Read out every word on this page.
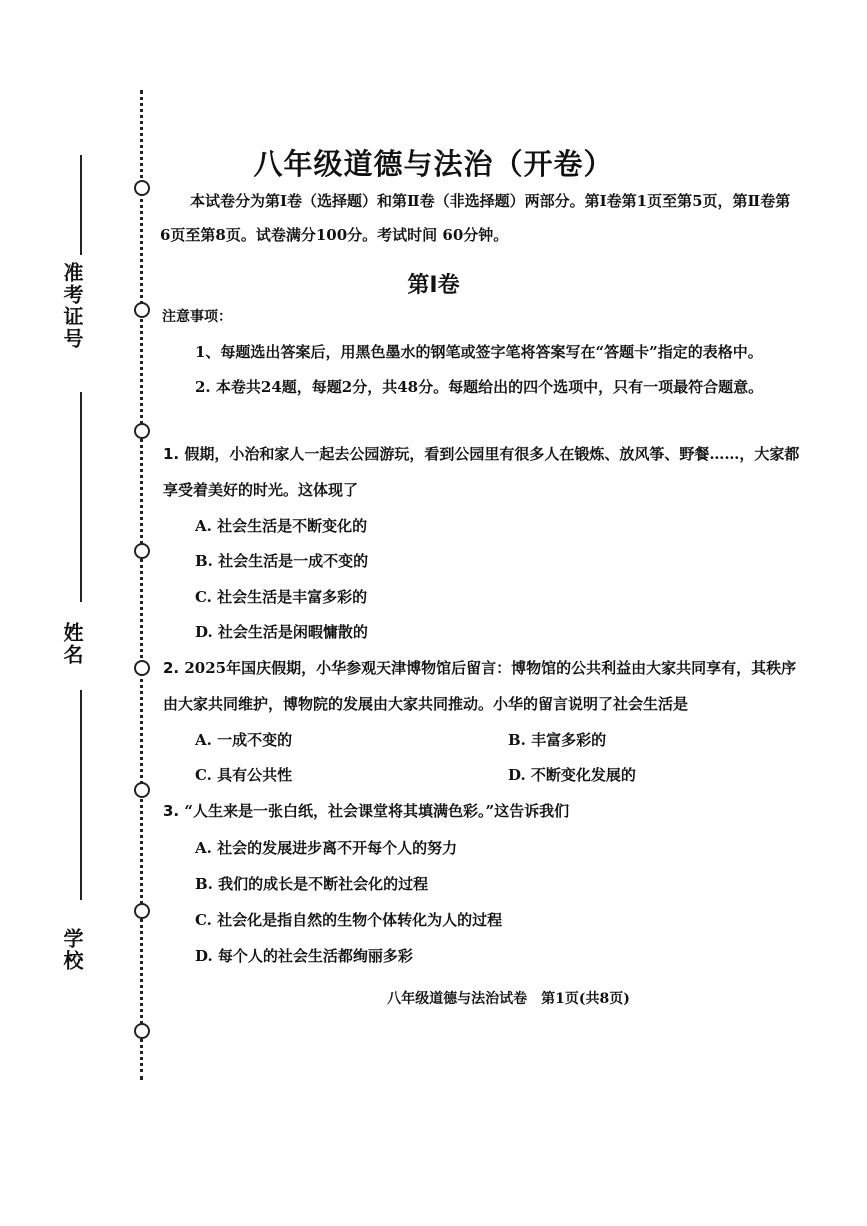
准考证号
姓名
学校
八年级道德与法治（开卷）
本试卷分为第Ⅰ卷（选择题）和第Ⅱ卷（非选择题）两部分。第Ⅰ卷第1页至第5页，第Ⅱ卷第6页至第8页。试卷满分100分。考试时间 60分钟。
第Ⅰ卷
注意事项：
1、每题选出答案后，用黑色墨水的钢笔或签字笔将答案写在“答题卡”指定的表格中。
2. 本卷共24题，每题2分，共48分。每题给出的四个选项中，只有一项最符合题意。
1. 假期，小治和家人一起去公园游玩，看到公园里有很多人在锻炼、放风筝、野餐……，大家都享受着美好的时光。这体现了
A. 社会生活是不断变化的
B. 社会生活是一成不变的
C. 社会生活是丰富多彩的
D. 社会生活是闲暇慵散的
2. 2025年国庆假期，小华参观天津博物馆后留言：博物馆的公共利益由大家共同享有，其秩序由大家共同维护，博物院的发展由大家共同推动。小华的留言说明了社会生活是
A. 一成不变的	B. 丰富多彩的
C. 具有公共性	D. 不断变化发展的
3. “人生来是一张白纸，社会课堂将其填满色彩。”这告诉我们
A. 社会的发展进步离不开每个人的努力
B. 我们的成长是不断社会化的过程
C. 社会化是指自然的生物个体转化为人的过程
D. 每个人的社会生活都绚丽多彩
八年级道德与法治试卷　第1页(共8页)
